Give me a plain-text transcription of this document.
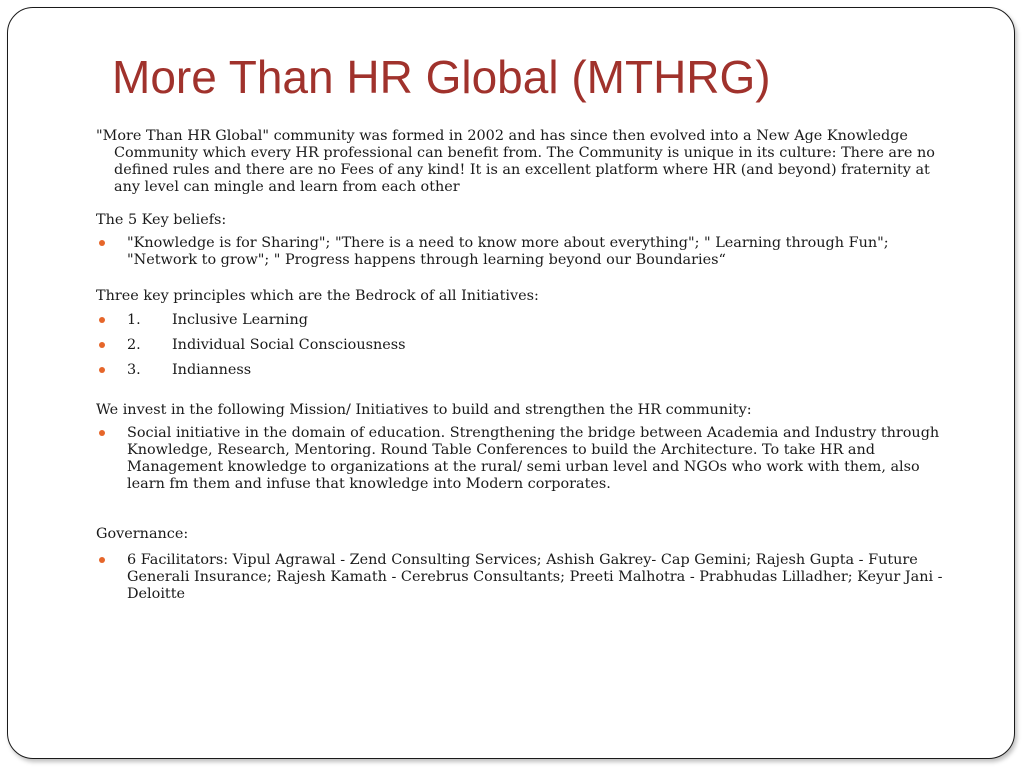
More Than HR Global (MTHRG)

"More Than HR Global" community was formed in 2002 and has since then evolved into a New Age Knowledge Community which every HR professional can benefit from. The Community is unique in its culture: There are no defined rules and there are no Fees of any kind! It is an excellent platform where HR (and beyond) fraternity at any level can mingle and learn from each other

The 5 Key beliefs:

"Knowledge is for Sharing"; "There is a need to know more about everything"; " Learning through Fun"; "Network to grow"; " Progress happens through learning beyond our Boundaries“

Three key principles which are the Bedrock of all Initiatives:

1. Inclusive Learning
2. Individual Social Consciousness
3. Indianness

We invest in the following Mission/ Initiatives to build and strengthen the HR community:

Social initiative in the domain of education. Strengthening the bridge between Academia and Industry through Knowledge, Research, Mentoring. Round Table Conferences to build the Architecture. To take HR and Management knowledge to organizations at the rural/ semi urban level and NGOs who work with them, also learn fm them and infuse that knowledge into Modern corporates.

Governance:

6 Facilitators: Vipul Agrawal - Zend Consulting Services; Ashish Gakrey- Cap Gemini; Rajesh Gupta - Future Generali Insurance; Rajesh Kamath - Cerebrus Consultants; Preeti Malhotra - Prabhudas Lilladher; Keyur Jani - Deloitte
